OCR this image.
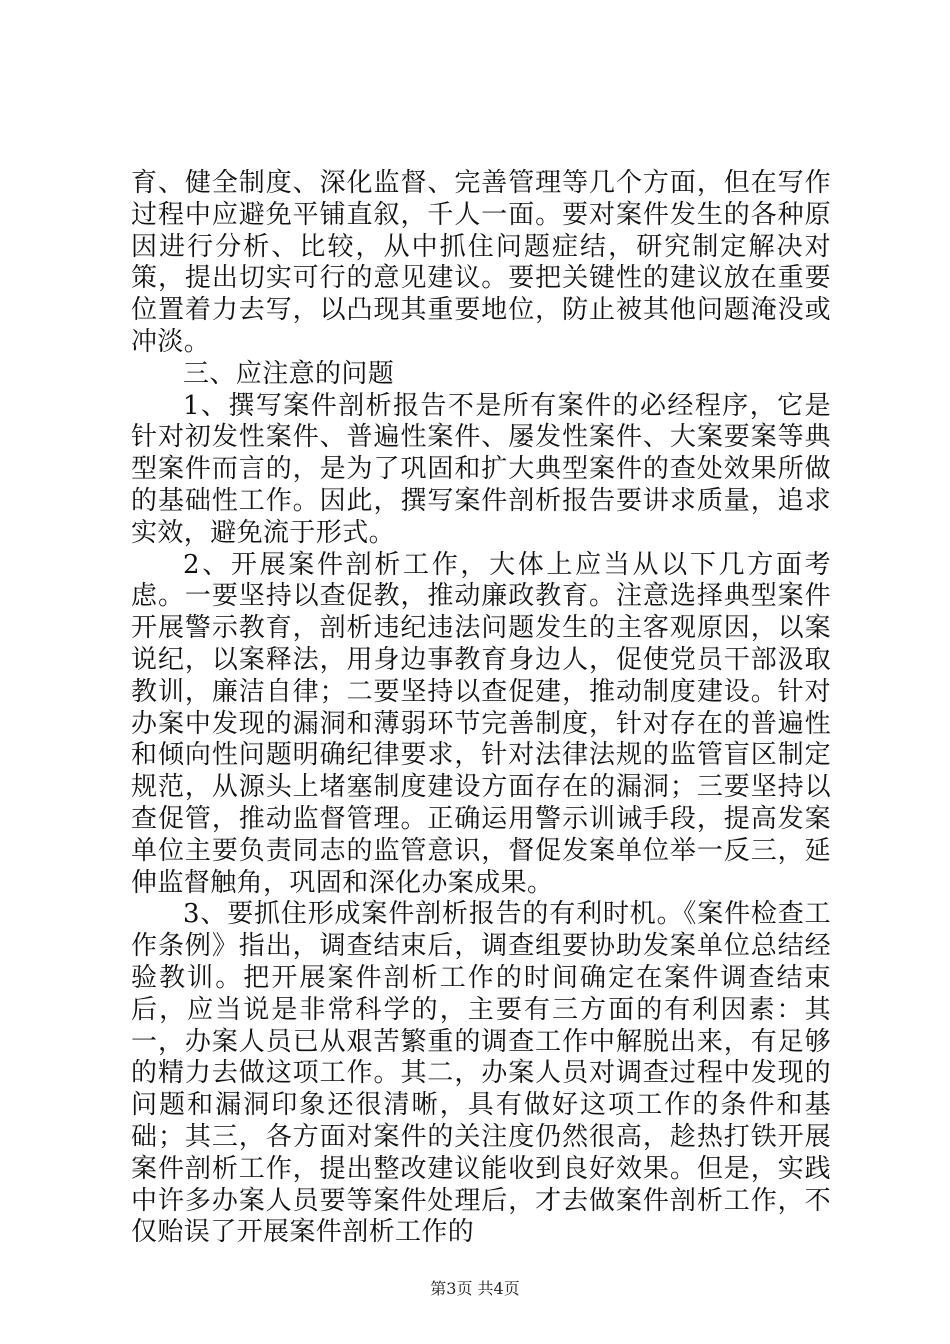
育、健全制度、深化监督、完善管理等几个方面，但在写作过程中应避免平铺直叙，千人一面。要对案件发生的各种原因进行分析、比较，从中抓住问题症结，研究制定解决对策，提出切实可行的意见建议。要把关键性的建议放在重要位置着力去写，以凸现其重要地位，防止被其他问题淹没或冲淡。

三、应注意的问题

1、撰写案件剖析报告不是所有案件的必经程序，它是针对初发性案件、普遍性案件、屡发性案件、大案要案等典型案件而言的，是为了巩固和扩大典型案件的查处效果所做的基础性工作。因此，撰写案件剖析报告要讲求质量，追求实效，避免流于形式。

2、开展案件剖析工作，大体上应当从以下几方面考虑。一要坚持以查促教，推动廉政教育。注意选择典型案件开展警示教育，剖析违纪违法问题发生的主客观原因，以案说纪，以案释法，用身边事教育身边人，促使党员干部汲取教训，廉洁自律；二要坚持以查促建，推动制度建设。针对办案中发现的漏洞和薄弱环节完善制度，针对存在的普遍性和倾向性问题明确纪律要求，针对法律法规的监管盲区制定规范，从源头上堵塞制度建设方面存在的漏洞；三要坚持以查促管，推动监督管理。正确运用警示训诫手段，提高发案单位主要负责同志的监管意识，督促发案单位举一反三，延伸监督触角，巩固和深化办案成果。

3、要抓住形成案件剖析报告的有利时机。《案件检查工作条例》指出，调查结束后，调查组要协助发案单位总结经验教训。把开展案件剖析工作的时间确定在案件调查结束后，应当说是非常科学的，主要有三方面的有利因素：其一，办案人员已从艰苦繁重的调查工作中解脱出来，有足够的精力去做这项工作。其二，办案人员对调查过程中发现的问题和漏洞印象还很清晰，具有做好这项工作的条件和基础；其三，各方面对案件的关注度仍然很高，趁热打铁开展案件剖析工作，提出整改建议能收到良好效果。但是，实践中许多办案人员要等案件处理后，才去做案件剖析工作，不仅贻误了开展案件剖析工作的

第3页 共4页
